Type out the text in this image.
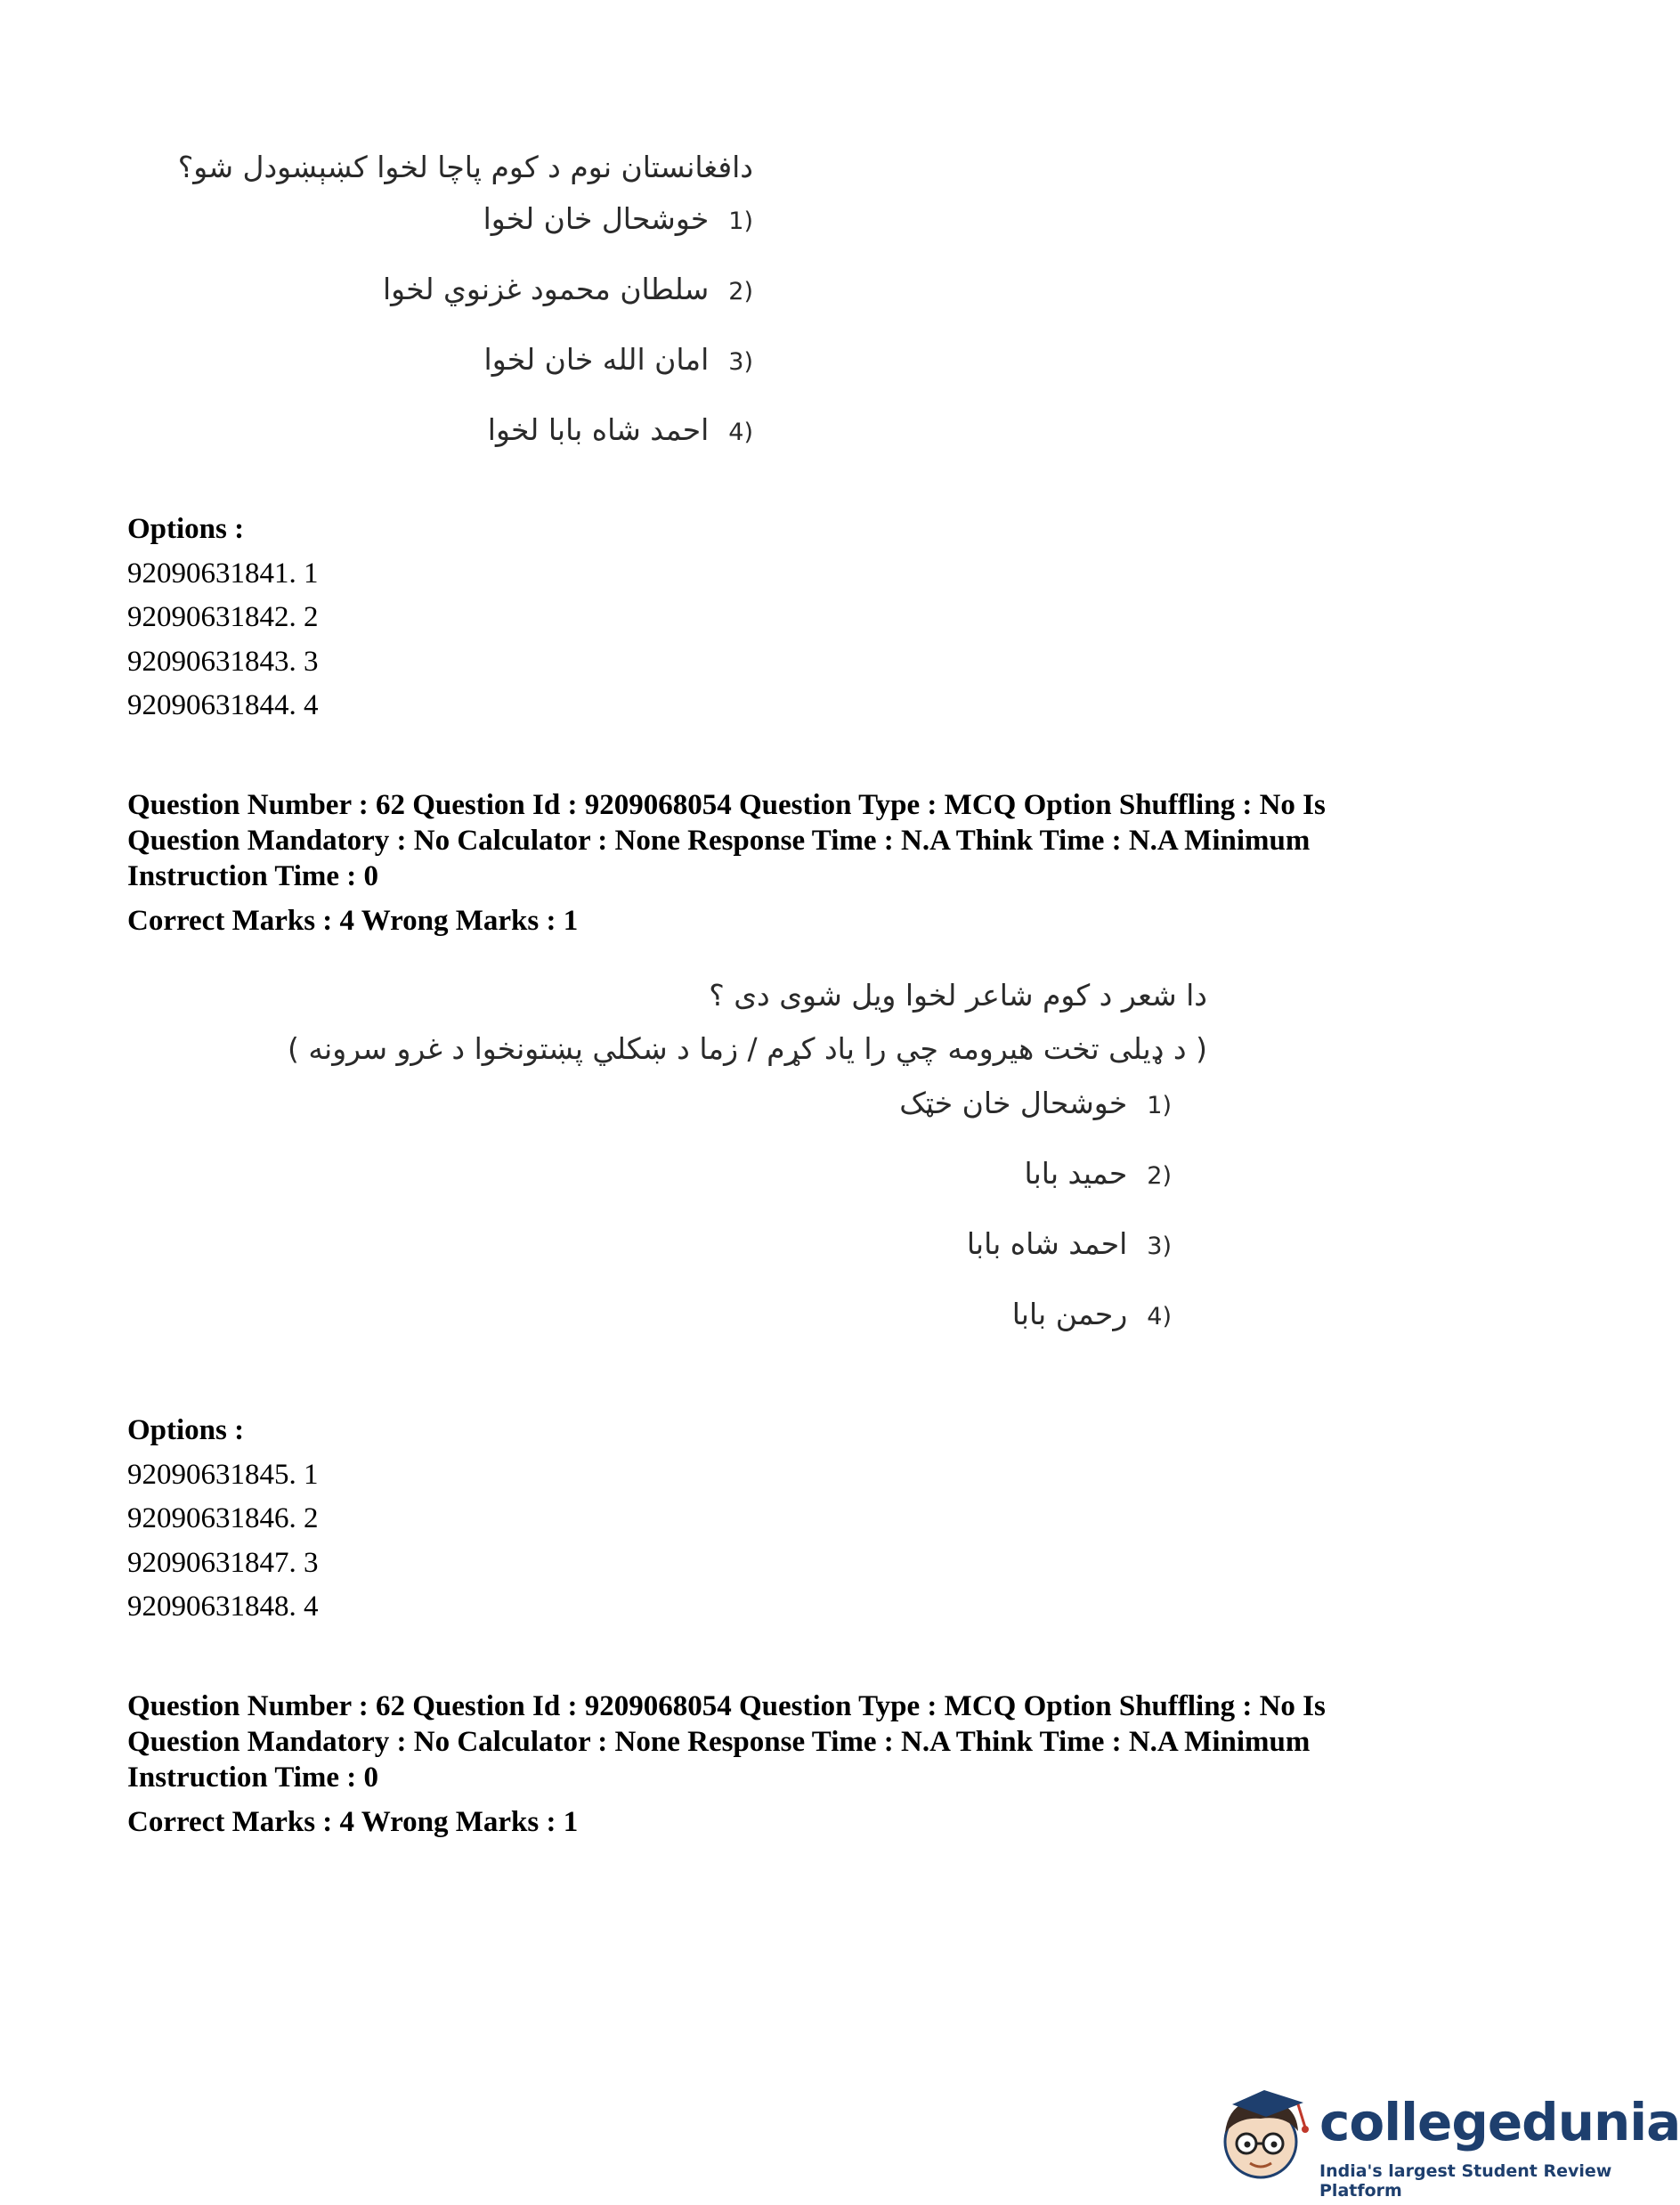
دافغانستان نوم د کوم پاچا لخوا کښېښودل شو؟
(1
خوشحال خان لخوا
(2
سلطان محمود غزنوي لخوا
(3
امان الله خان لخوا
(4
احمد شاه بابا لخوا
Options :
92090631841. 1
92090631842. 2
92090631843. 3
92090631844. 4
Question Number : 62 Question Id : 9209068054 Question Type : MCQ Option Shuffling : No Is
Question Mandatory : No Calculator : None Response Time : N.A Think Time : N.A Minimum
Instruction Time : 0
Correct Marks : 4 Wrong Marks : 1
دا شعر د کوم شاعر لخوا ویل شوی دی ؟
( د ډیلی تخت هیرومه چي را یاد کړم / زما د ښکلي پښتونخوا د غرو سرونه )
(1
خوشحال خان خټک
(2
حمید بابا
(3
احمد شاه بابا
(4
رحمن بابا
Options :
92090631845. 1
92090631846. 2
92090631847. 3
92090631848. 4
Question Number : 62 Question Id : 9209068054 Question Type : MCQ Option Shuffling : No Is
Question Mandatory : No Calculator : None Response Time : N.A Think Time : N.A Minimum
Instruction Time : 0
Correct Marks : 4 Wrong Marks : 1
collegedunia
India's largest Student Review Platform
